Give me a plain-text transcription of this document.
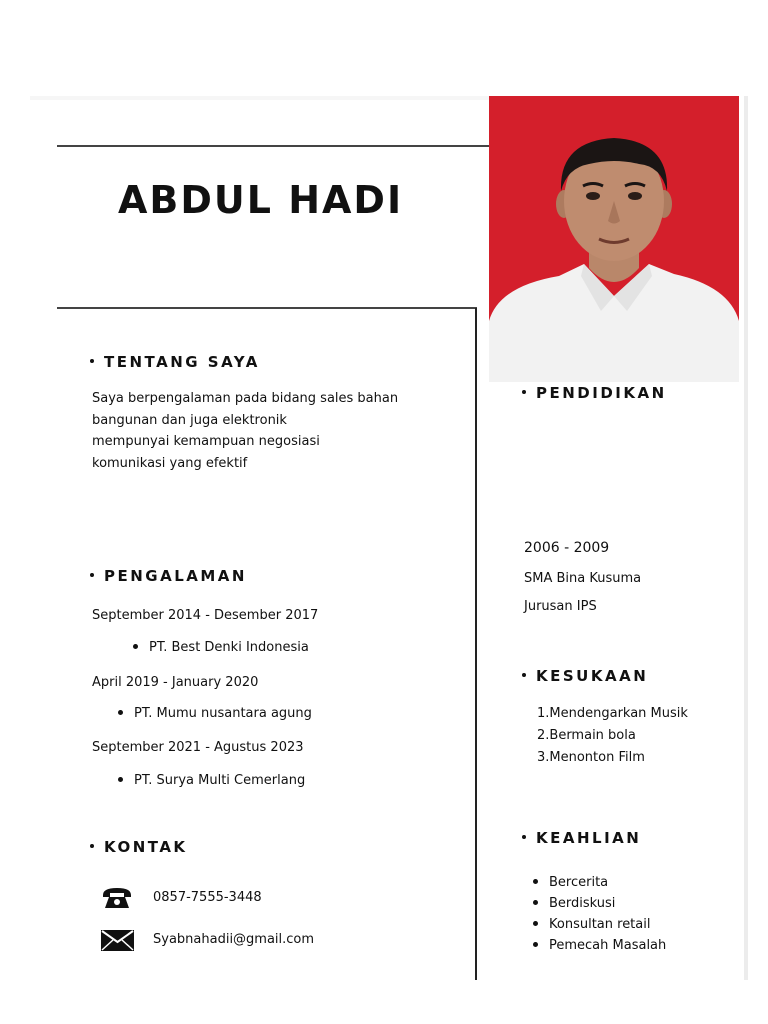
ABDUL HADI
TENTANG SAYA
Saya berpengalaman pada bidang sales bahan
bangunan dan juga elektronik
mempunyai kemampuan negosiasi
komunikasi yang efektif
PENGALAMAN
September 2014 - Desember 2017
PT. Best Denki Indonesia
April 2019 - January 2020
PT. Mumu nusantara agung
September 2021 - Agustus 2023
PT. Surya Multi Cemerlang
KONTAK
0857-7555-3448
Syabnahadii@gmail.com
PENDIDIKAN
2006 - 2009
SMA Bina Kusuma
Jurusan IPS
KESUKAAN
1.Mendengarkan Musik
2.Bermain bola
3.Menonton Film
KEAHLIAN
Bercerita
Berdiskusi
Konsultan retail
Pemecah Masalah
